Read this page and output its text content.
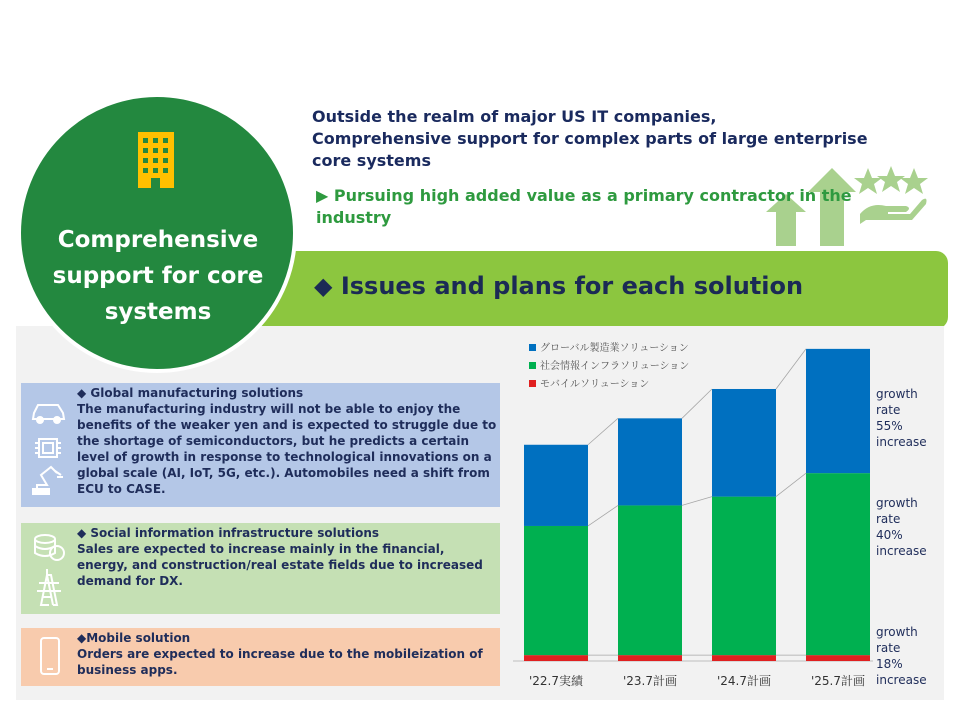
Outside the realm of major US IT companies,
Comprehensive support for complex parts of large enterprise
core systems
▶ Pursuing high added value as a primary contractor in the industry
◆ Issues and plans for each solution
Comprehensive
support for core
systems
◆ Global manufacturing solutions
The manufacturing industry will not be able to enjoy the benefits of the weaker yen and is expected to struggle due to the shortage of semiconductors, but he predicts a certain level of growth in response to technological innovations on a global scale (AI, IoT, 5G, etc.). Automobiles need a shift from ECU to CASE.
◆ Social information infrastructure solutions
Sales are expected to increase mainly in the financial, energy, and construction/real estate fields due to increased demand for DX.
◆Mobile solution
Orders are expected to increase due to the mobileization of business apps.
'22.7実績	'23.7計画	'24.7計画	'25.7計画
グローバル製造業ソリューション
社会情報インフラソリューション
モバイルソリューション
growth
rate
55%
increase
growth
rate
40%
increase
growth
rate
18%
increase
